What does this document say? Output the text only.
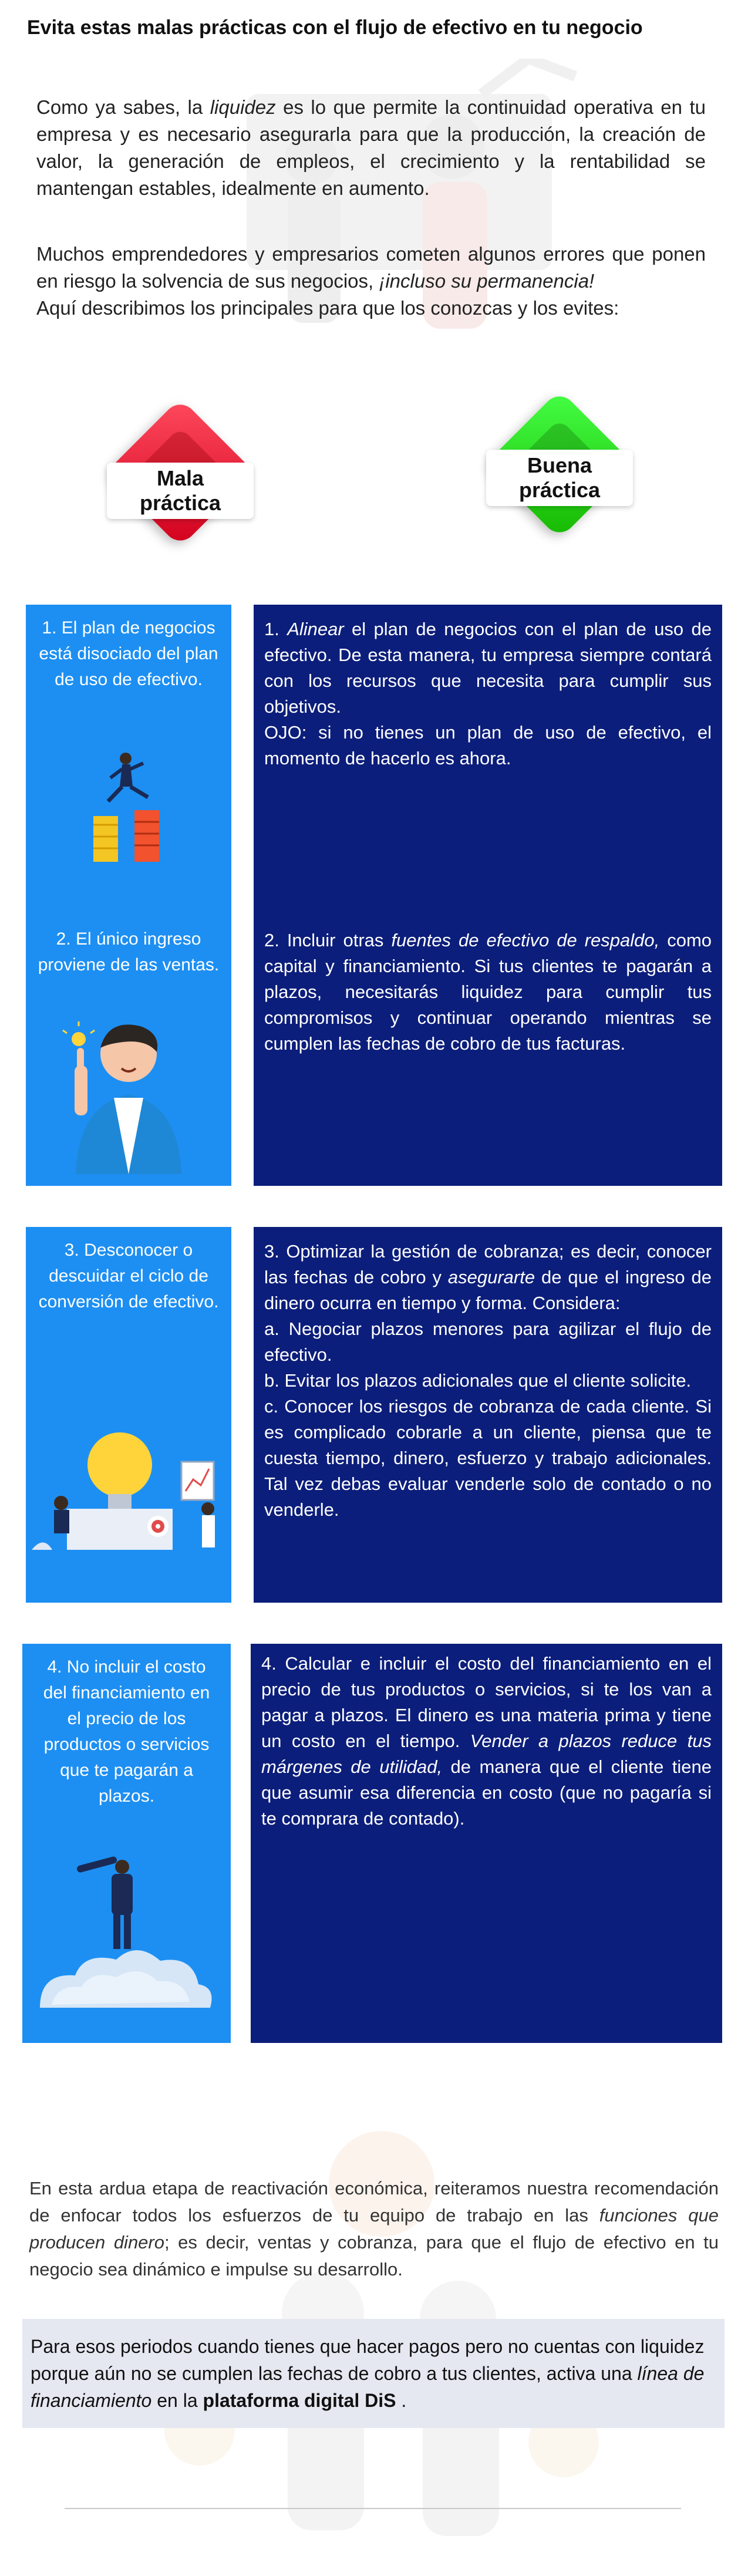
Evita estas malas prácticas con el flujo de efectivo en tu negocio

Como ya sabes, la liquidez es lo que permite la continuidad operativa en tu empresa y es necesario asegurarla para que la producción, la creación de valor, la generación de empleos, el crecimiento y la rentabilidad se mantengan estables, idealmente en aumento.

Muchos emprendedores y empresarios cometen algunos errores que ponen en riesgo la solvencia de sus negocios, ¡incluso su permanencia!

Aquí describimos los principales para que los conozcas y los evites:

Mala práctica
Buena práctica
1. El plan de negocios está disociado del plan de uso de efectivo.
1. Alinear el plan de negocios con el plan de uso de efectivo. De esta manera, tu empresa siempre contará con los recursos que necesita para cumplir sus objetivos.
OJO: si no tienes un plan de uso de efectivo, el momento de hacerlo es ahora.
2. El único ingreso proviene de las ventas.
2. Incluir otras fuentes de efectivo de respaldo, como capital y financiamiento. Si tus clientes te pagarán a plazos, necesitarás liquidez para cumplir tus compromisos y continuar operando mientras se cumplen las fechas de cobro de tus facturas.
3. Desconocer o descuidar el ciclo de conversión de efectivo.
3. Optimizar la gestión de cobranza; es decir, conocer las fechas de cobro y asegurarte de que el ingreso de dinero ocurra en tiempo y forma. Considera:
a. Negociar plazos menores para agilizar el flujo de efectivo.
b. Evitar los plazos adicionales que el cliente solicite.
c. Conocer los riesgos de cobranza de cada cliente. Si es complicado cobrarle a un cliente, piensa que te cuesta tiempo, dinero, esfuerzo y trabajo adicionales. Tal vez debas evaluar venderle solo de contado o no venderle.
4. No incluir el costo del financiamiento en el precio de los productos o servicios que te pagarán a plazos.
4. Calcular e incluir el costo del financiamiento en el precio de tus productos o servicios, si te los van a pagar a plazos. El dinero es una materia prima y tiene un costo en el tiempo. Vender a plazos reduce tus márgenes de utilidad, de manera que el cliente tiene que asumir esa diferencia en costo (que no pagaría si te comprara de contado).
En esta ardua etapa de reactivación económica, reiteramos nuestra recomendación de enfocar todos los esfuerzos de tu equipo de trabajo en las funciones que producen dinero; es decir, ventas y cobranza, para que el flujo de efectivo en tu negocio sea dinámico e impulse su desarrollo.
Para esos periodos cuando tienes que hacer pagos pero no cuentas con liquidez porque aún no se cumplen las fechas de cobro a tus clientes, activa una línea de financiamiento en la plataforma digital DiS .
